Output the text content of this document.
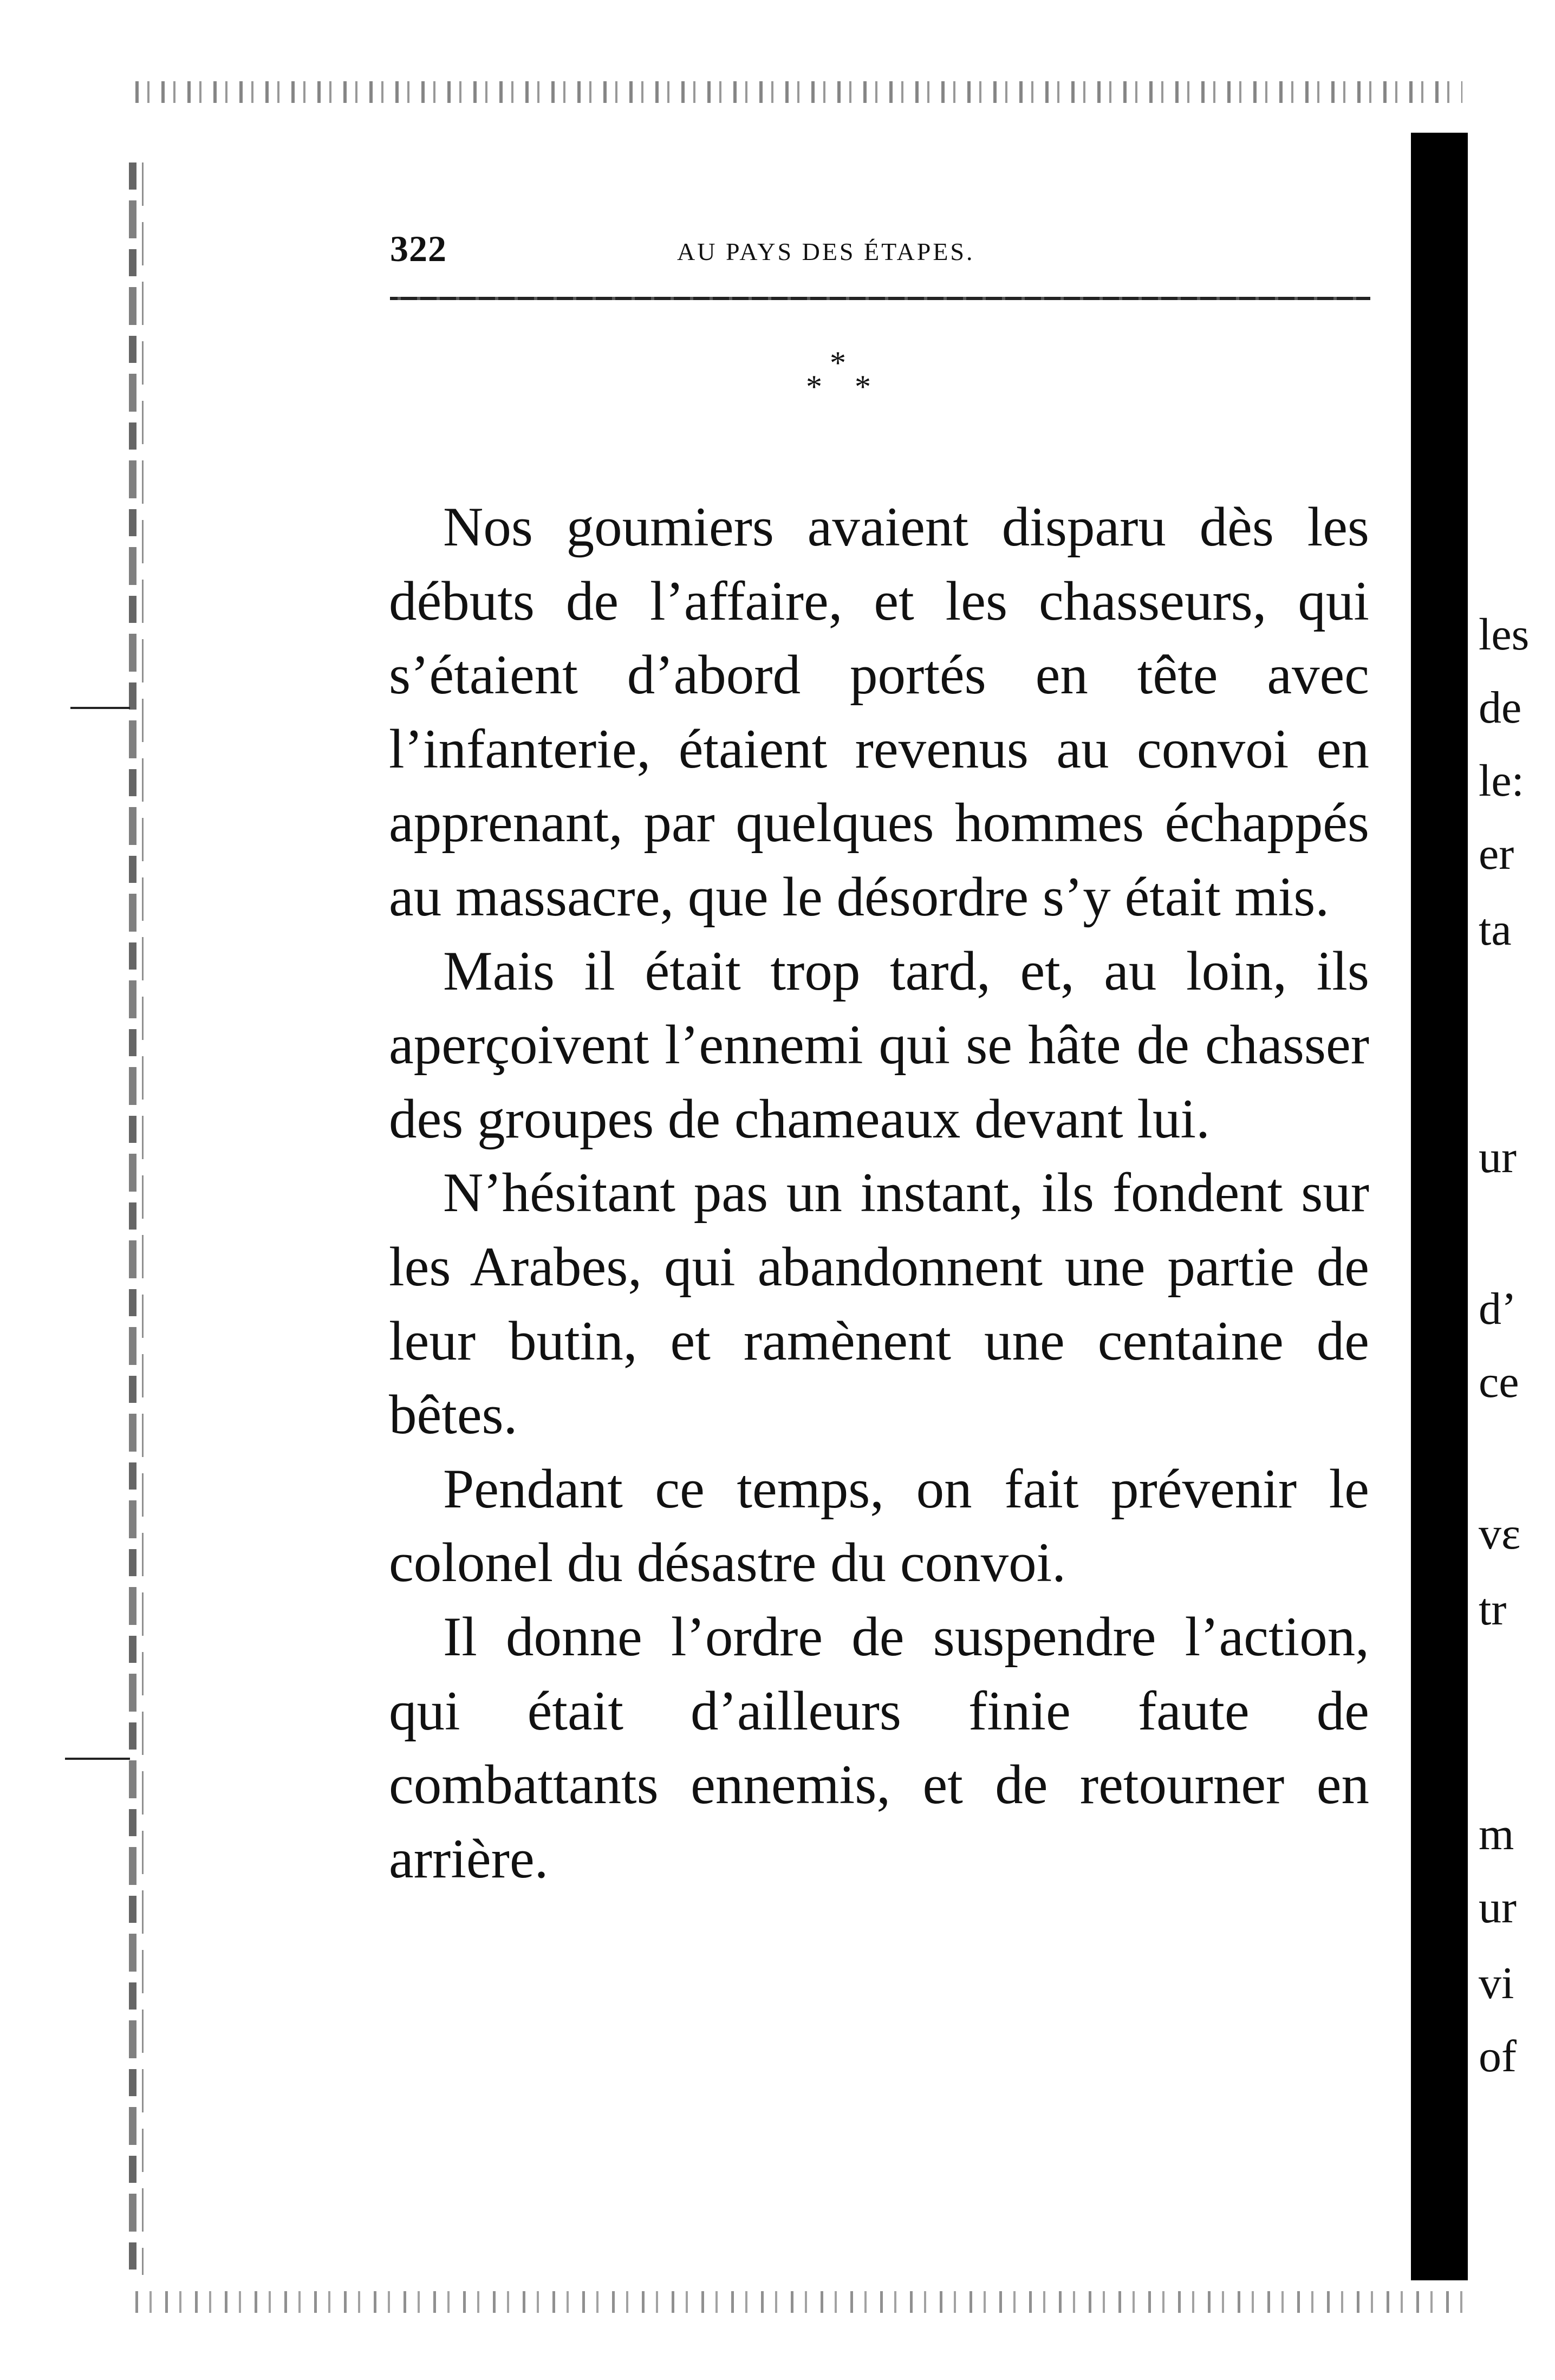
322	AU PAYS DES ÉTAPES.
*
* *

Nos goumiers avaient disparu dès les débuts de l’affaire, et les chasseurs, qui s’étaient d’abord portés en tête avec l’infanterie, étaient revenus au convoi en apprenant, par quelques hommes échappés au massacre, que le désordre s’y était mis.

Mais il était trop tard, et, au loin, ils aperçoivent l’ennemi qui se hâte de chasser des groupes de chameaux devant lui.

N’hésitant pas un instant, ils fondent sur les Arabes, qui abandonnent une partie de leur butin, et ramènent une centaine de bêtes.

Pendant ce temps, on fait prévenir le colonel du désastre du convoi.

Il donne l’ordre de suspendre l’action, qui était d’ailleurs finie faute de combattants ennemis, et de retourner en arrière.

les
de
le:
er
ta
ur
d’
ce
vε
tr
m
ur
vi
of
